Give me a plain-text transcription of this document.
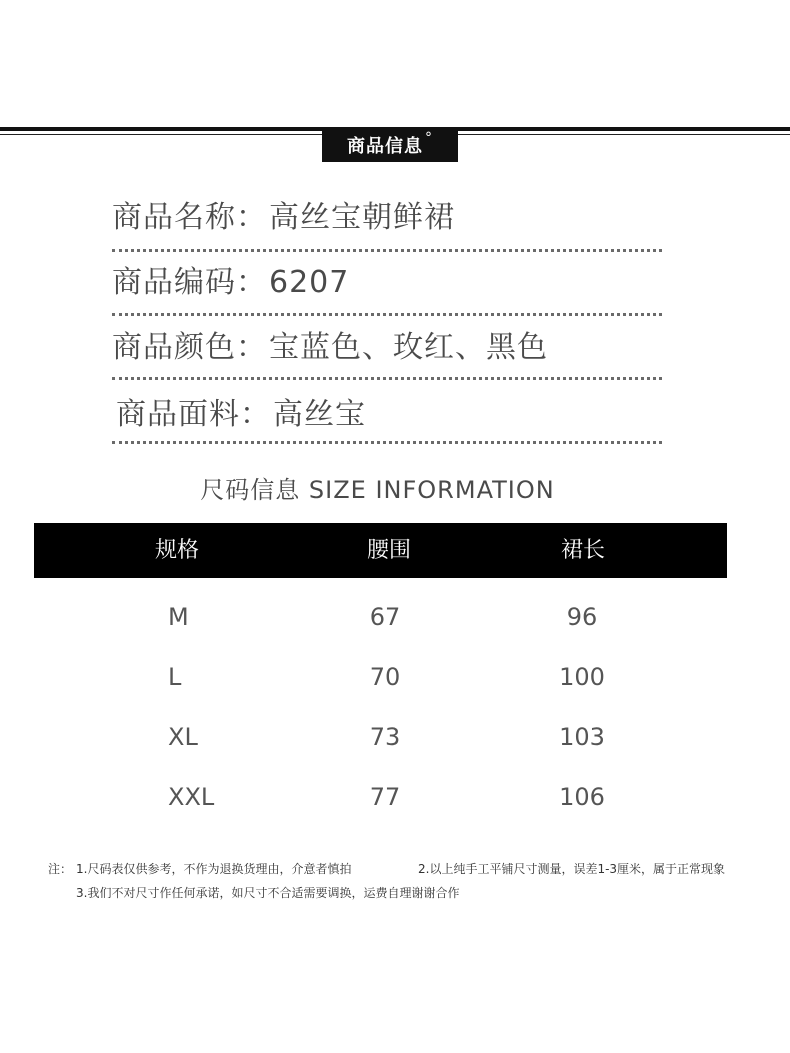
商品信息 °
商品名称：高丝宝朝鲜裙
商品编码：6207
商品颜色：宝蓝色、玫红、黑色
商品面料：高丝宝
尺码信息 SIZE INFORMATION
规格	腰围	裙长
M	67	96
L	70	100
XL	73	103
XXL	77	106
注： 1.尺码表仅供参考，不作为退换货理由，介意者慎拍	2.以上纯手工平铺尺寸测量，误差1-3厘米，属于正常现象
3.我们不对尺寸作任何承诺，如尺寸不合适需要调换，运费自理谢谢合作
